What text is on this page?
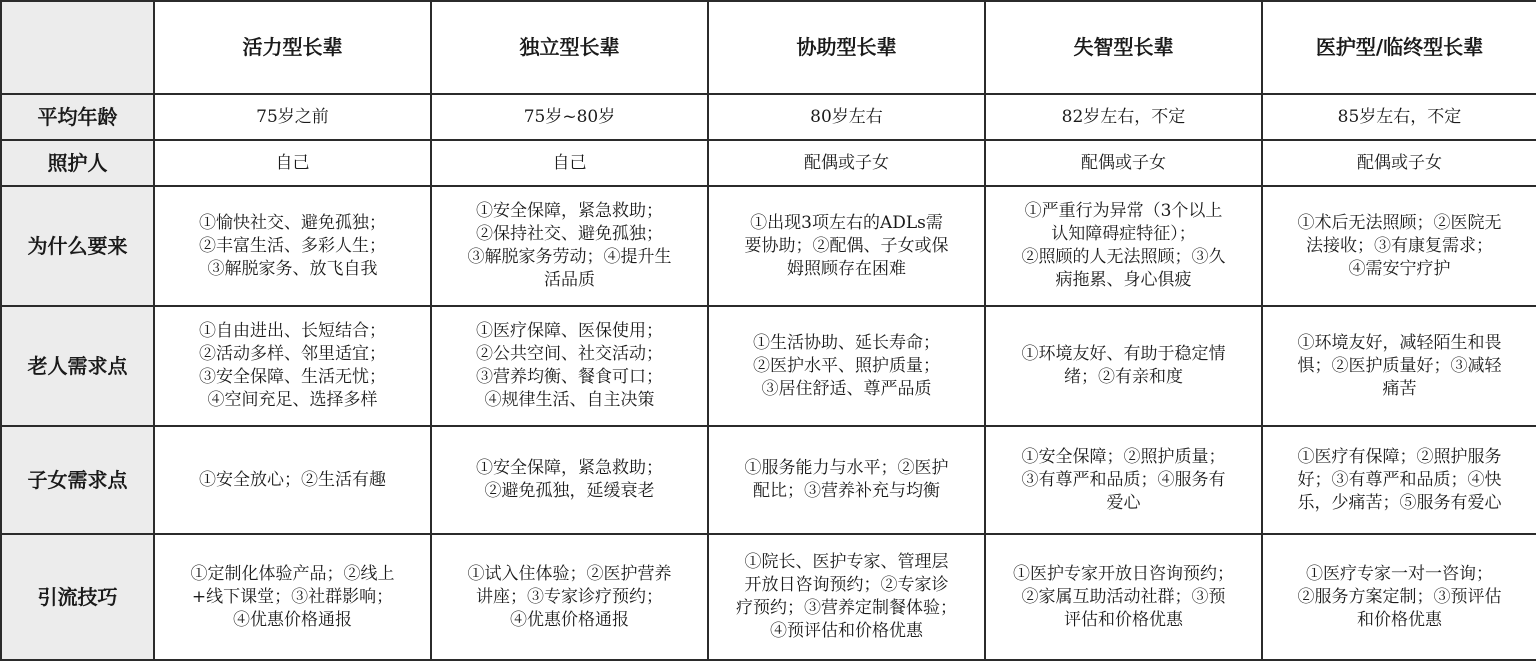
	活力型长辈	独立型长辈	协助型长辈	失智型长辈	医护型/临终型长辈
平均年龄	75岁之前	75岁~80岁	80岁左右	82岁左右，不定	85岁左右，不定
照护人	自己	自己	配偶或子女	配偶或子女	配偶或子女
为什么要来	①愉快社交、避免孤独；
②丰富生活、多彩人生；
③解脱家务、放飞自我	①安全保障，紧急救助；
②保持社交、避免孤独；
③解脱家务劳动；④提升生
活品质	①出现3项左右的ADLs需
要协助；②配偶、子女或保
姆照顾存在困难	①严重行为异常（3个以上
认知障碍症特征）；
②照顾的人无法照顾；③久
病拖累、身心俱疲	①术后无法照顾；②医院无
法接收；③有康复需求；
④需安宁疗护
老人需求点	①自由进出、长短结合；
②活动多样、邻里适宜；
③安全保障、生活无忧；
④空间充足、选择多样	①医疗保障、医保使用；
②公共空间、社交活动；
③营养均衡、餐食可口；
④规律生活、自主决策	①生活协助、延长寿命；
②医护水平、照护质量；
③居住舒适、尊严品质	①环境友好、有助于稳定情
绪；②有亲和度	①环境友好，减轻陌生和畏
惧；②医护质量好；③减轻
痛苦
子女需求点	①安全放心；②生活有趣	①安全保障，紧急救助；
②避免孤独，延缓衰老	①服务能力与水平；②医护
配比；③营养补充与均衡	①安全保障；②照护质量；
③有尊严和品质；④服务有
爱心	①医疗有保障；②照护服务
好；③有尊严和品质；④快
乐，少痛苦；⑤服务有爱心
引流技巧	①定制化体验产品；②线上
+线下课堂；③社群影响；
④优惠价格通报	①试入住体验；②医护营养
讲座；③专家诊疗预约；
④优惠价格通报	①院长、医护专家、管理层
开放日咨询预约；②专家诊
疗预约；③营养定制餐体验；
④预评估和价格优惠	①医护专家开放日咨询预约；
②家属互助活动社群；③预
评估和价格优惠	①医疗专家一对一咨询；
②服务方案定制；③预评估
和价格优惠
